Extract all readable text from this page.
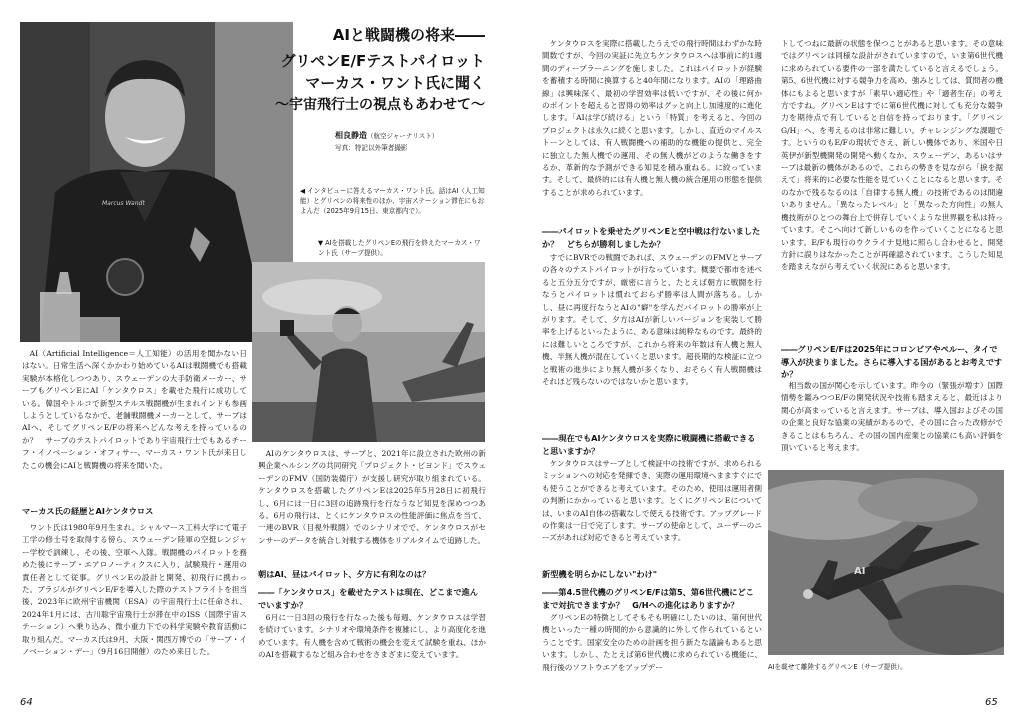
Marcus Wandt
AIと戦闘機の将来――
グリペンE/Fテストパイロット
マーカス・ワント氏に聞く
～宇宙飛行士の視点もあわせて～
相良静造（航空ジャーナリスト）
写真：特記以外筆者撮影
◀ インタビューに答えるマーカス・ワント氏。話はAI（人工知能）とグリペンの将来性のほか、宇宙ステーション滞在にもおよんだ（2025年9月15日、東京都内で）。
▼ AIを搭載したグリペンEの飛行を終えたマーカス・ワント氏（サーブ提供）。
AI（Artificial Intelligence＝人工知能）の活用を聞かない日はない。日常生活へ深くかかわり始めているAIは戦闘機でも搭載実験が本格化しつつあり、スウェーデンの大手防衛メーカー、サーブもグリペンEにAI「ケンタウロス」を載せた飛行に成功している。韓国やトルコで新型ステルス戦闘機が生まれインドも参画しようとしているなかで、老舗戦闘機メーカーとして、サーブはAIへ、そしてグリペンE/Fの将来へどんな考えを持っているのか？　サーブのテストパイロットであり宇宙飛行士でもあるチーフ・イノベーション・オフィサー、マーカス・ワント氏が来日したこの機会にAIと戦闘機の将来を聞いた。
マーカス氏の経歴とAIケンタウロス
ワント氏は1980年9月生まれ。シャルマース工科大学にて電子工学の修士号を取得する傍ら、スウェーデン陸軍の空挺レンジャー学校で訓練し、その後、空軍へ入隊。戦闘機のパイロットを務めた後にサーブ・エアロノーティクスに入り、試験飛行・運用の責任者として従事。グリペンEの設計と開発、初飛行に携わった。ブラジルがグリペンE/Fを導入した際のテストフライトを担当後、2023年に欧州宇宙機関（ESA）の宇宙飛行士に任命され、2024年1月には、古川聡宇宙飛行士が滞在中のISS（国際宇宙ステーション）へ乗り込み、微小重力下での科学実験や教育活動に取り組んだ。マーカス氏は9月、大阪・関西万博での「サーブ・イノベーション・デー」（9月16日開催）のため来日した。
AIのケンタウロスは、サーブと、2021年に設立された欧州の新興企業ヘルシングの共同研究「プロジェクト・ビヨンド」でスウェーデンのFMV（国防装備庁）が支援し研究が取り組まれている。ケンタウロスを搭載したグリペンEは2025年5月28日に初飛行し、6月には一日に3回の追跡飛行を行なうなど知見を深めつつある。6月の飛行は、とくにケンタウロスの性能評価に焦点を当て、一連のBVR（目視外戦闘）でのシナリオでで、ケンタウロスがセンサーのデータを統合し対戦する機体をリアルタイムで追跡した。
朝はAI、昼はパイロット、夕方に有利なのは？
――「ケンタウロス」を載せたテストは現在、どこまで進んでいますか？
6月に一日3回の飛行を行なった後も毎週、ケンタウロスは学習を続けています。シナリオや環境条件を複雑にし、より高度化を進めています。有人機を含めて戦術の機会を変えて試験を重ね、ほかのAIを搭載するなど組み合わせをさまざまに変えています。
64
ケンタウロスを実際に搭載したうえでの飛行時間はわずかな時間数ですが、今回の実証に先立ちケンタウロスへは事前に約1週間のディープラーニングを施しました。これはパイロットが経験を蓄積する時間に換算すると40年間になります。AIの「理路曲線」は興味深く、最初の学習効率は低いですが、その後に何かのポイントを超えると習得の効率はグッと向上し加速度的に進化します。「AIは学び続ける」という「特質」を考えると、今回のプロジェクトは永久に続くと思います。しかし、直近のマイルストーンとしては、有人戦闘機への補助的な機能の提供と、完全に独立した無人機での運用、その無人機がどのような働きをするか、革新的な予測ができる知見を積み重ねる。に絞っています。そして、最終的には有人機と無人機の統合運用の形態を提供することが求められています。
――パイロットを乗せたグリペンEと空中戦は行ないましたか？　どちらが勝利しましたか？
すでにBVRでの戦闘であれば、スウェーデンのFMVとサーブの各々のテストパイロットが行なっています。概要で都市を述べると五分五分ですが、厳密に言うと、たとえば朝方に戦闘を行なうとパイロットは慣れておらず勝率は人間が落ちる。しかし、昼に再度行なうとAIの"癖"を学んだパイロットの勝率が上がります。そして、夕方はAIが新しいバージョンを実装して勝率を上げるといったように、ある意味は純粋なものです。最終的には難しいところですが、これから将来の年数は有人機と無人機、半無人機が混在していくと思います。超長期的な検証に立つと戦術の進歩により無人機が多くなり、おそらく有人戦闘機はそれほど残らないのではないかと思います。
――現在でもAIケンタウロスを実際に戦闘機に搭載できると思いますか？
ケンタウロスはサーブとして検証中の技術ですが、求められるミッションへの対応を発揮でき、実際の運用環境へまますぐにでも使うことができると考えています。そのため、使用は運用者側の判断にかかっていると思います。とくにグリペンEについては、いまのAI自体の搭載なしで使える技術です。アップグレードの作業は一日で完了します。サーブの使命として、ユーザーのニーズがあれば対応できると考えています。
新型機を明らかにしない"わけ"
――第4.5世代機のグリペンE/Fは第5、第6世代機にどこまで対抗できますか？　G/Hへの進化はありますか？
グリペンEの特徴としてそもそも明確にしたいのは、第何世代機といった一種の時間的から意識的に外して作られているということです。国家安全のための計画を担う新たな議論もあると思います。しかし、たとえば第6世代機に求められている機能に、飛行後のソフトウエアをアップデー
トしてつねに最新の状態を保つことがあると思います。その意味ではグリペンは同様な設計がされていますので、いま第6世代機に求められている要件の一部を満たしていると言えるでしょう。第5、6世代機に対する競争力を高め、強みとしては、質問者の機体にもよると思いますが「素早い適応性」や「適者生存」の考え方ですね。グリペンEはすでに第6世代機に対しても充分な競争力を期待点で有していると自信を持っております。「グリペンG/H」へ、を考えるのは非常に難しい。チャレンジングな課題です。というのもE/Fの現状でさえ、新しい機体であり、米国や日英伊が新型機開発の開発へ動くなか、スウェーデン、あるいはサーブは最新の機体があるので、これらの勢きを見ながら「捩を据えて」将来的に必要な性能を見ていくことになると思います。そのなかで残るなるのは「自律する無人機」の技術であるのは間違いありません。「異なったレベル」と「異なった方向性」の無人機技術がひとつの舞台上で併存していくような世界観を私は持っています。そこへ向けて新しいものを作っていくことになると思います。E/Fも現行のウクライナ見地に照らし合わせると、開発方針に誤りはなかったことが再確認されています。こうした知見を踏まえながら考えていく状況にあると思います。
――グリペンE/Fは2025年にコロンビアやペルー、タイで導入が決まりました。さらに導入する国があるとお考えですか？
相当数の国が関心を示しています。昨今の（緊張が増す）国際情勢を鑑みつつE/Fの開発状況や技術も踏まえると、最近はより関心が高まっていると言えます。サーブは、導入国およびその国の企業と良好な協業の実績があるので、その国に合った改修ができることはもちろん、その国の国内産業との協業にも高い評価を頂いていると考えます。
AI
AIを載せて離陸するグリペンE（サーブ提供）。
65
